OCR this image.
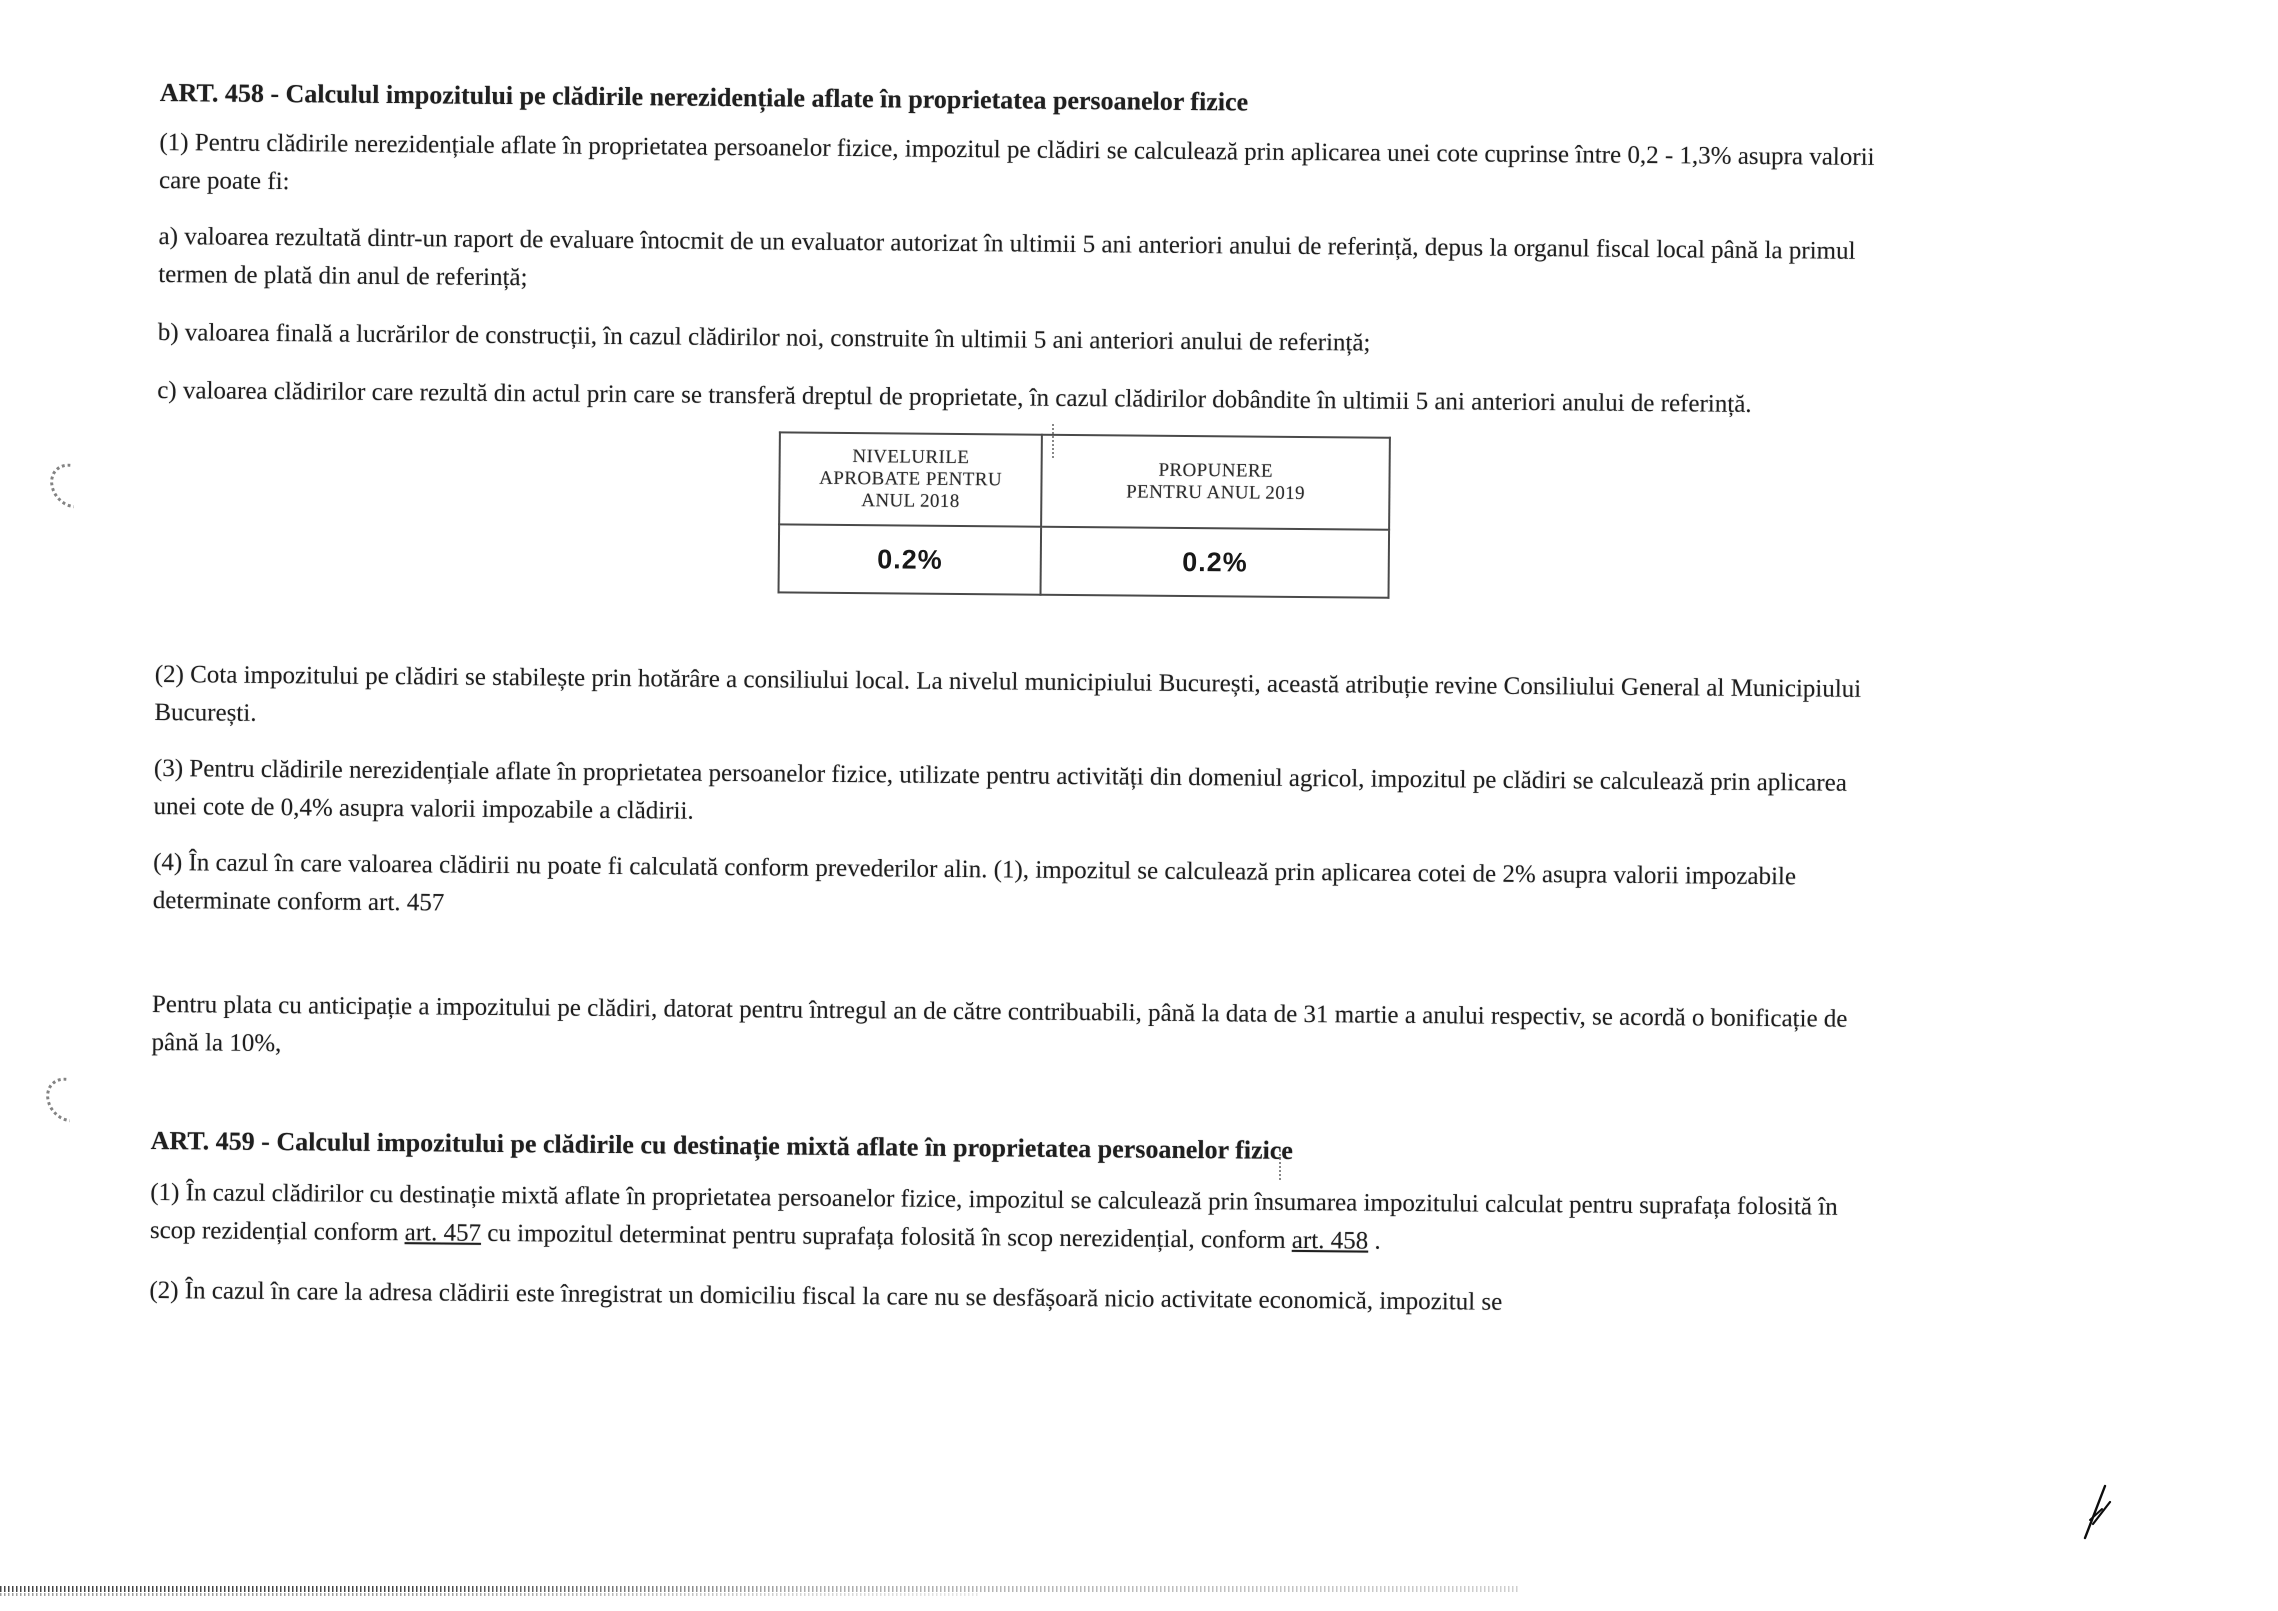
ART. 458 - Calculul impozitului pe clădirile nerezidențiale aflate în proprietatea persoanelor fizice

(1) Pentru clădirile nerezidențiale aflate în proprietatea persoanelor fizice, impozitul pe clădiri se calculează prin aplicarea unei cote cuprinse între 0,2 - 1,3% asupra valorii care poate fi:

a) valoarea rezultată dintr-un raport de evaluare întocmit de un evaluator autorizat în ultimii 5 ani anteriori anului de referință, depus la organul fiscal local până la primul termen de plată din anul de referință;

b) valoarea finală a lucrărilor de construcții, în cazul clădirilor noi, construite în ultimii 5 ani anteriori anului de referință;

c) valoarea clădirilor care rezultă din actul prin care se transferă dreptul de proprietate, în cazul clădirilor dobândite în ultimii 5 ani anteriori anului de referință.

NIVELURILE APROBATE PENTRU ANUL 2018	PROPUNERE PENTRU ANUL 2019

0.2%	0.2%

(2) Cota impozitului pe clădiri se stabilește prin hotărâre a consiliului local. La nivelul municipiului București, această atribuție revine Consiliului General al Municipiului București.

(3) Pentru clădirile nerezidențiale aflate în proprietatea persoanelor fizice, utilizate pentru activități din domeniul agricol, impozitul pe clădiri se calculează prin aplicarea unei cote de 0,4% asupra valorii impozabile a clădirii.

(4) În cazul în care valoarea clădirii nu poate fi calculată conform prevederilor alin. (1), impozitul se calculează prin aplicarea cotei de 2% asupra valorii impozabile determinate conform art. 457

Pentru plata cu anticipație a impozitului pe clădiri, datorat pentru întregul an de către contribuabili, până la data de 31 martie a anului respectiv, se acordă o bonificație de până la 10%,

ART. 459 - Calculul impozitului pe clădirile cu destinație mixtă aflate în proprietatea persoanelor fizice

(1) În cazul clădirilor cu destinație mixtă aflate în proprietatea persoanelor fizice, impozitul se calculează prin însumarea impozitului calculat pentru suprafața folosită în scop rezidențial conform art. 457 cu impozitul determinat pentru suprafața folosită în scop nerezidențial, conform art. 458 .

(2) În cazul în care la adresa clădirii este înregistrat un domiciliu fiscal la care nu se desfășoară nicio activitate economică, impozitul se
